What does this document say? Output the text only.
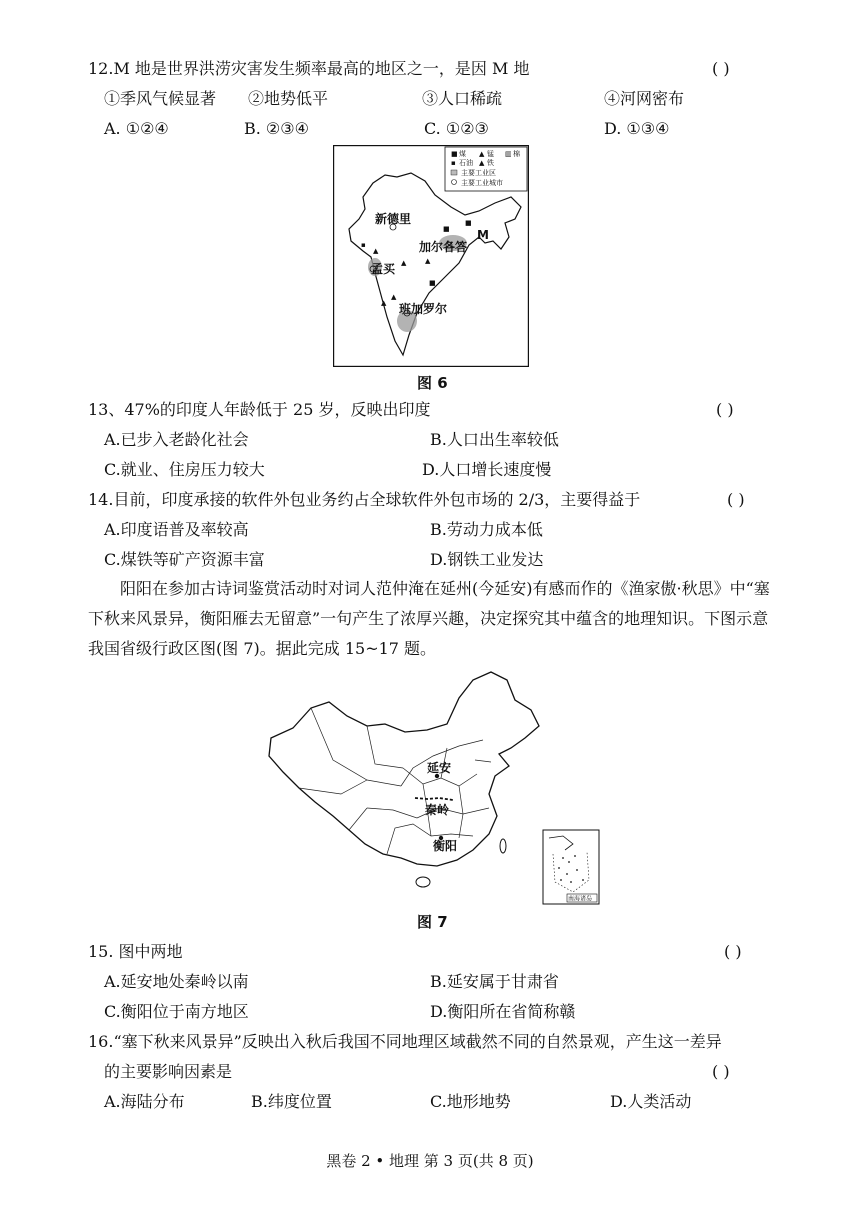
12.M 地是世界洪涝灾害发生频率最高的地区之一，是因 M 地	( )
①季风气候显著 ②地势低平	③人口稀疏	④河网密布
A. ①②④	B. ②③④	C. ①②③	D. ①③④
■ 煤 ▲ 锰 ▥ 棉
▪ 石油 ▲ 铁
主要工业区
主要工业城市
▲
▲	▲
▲
■
■
■
▲
▪
新德里
加尔各答
孟买
班加罗尔
M
图 6
13、47%的印度人年龄低于 25 岁，反映出印度	( )
A.已步入老龄化社会	B.人口出生率较低
C.就业、住房压力较大	D.人口增长速度慢
14.目前，印度承接的软件外包业务约占全球软件外包市场的 2/3，主要得益于	( )
A.印度语普及率较高	B.劳动力成本低
C.煤铁等矿产资源丰富	D.钢铁工业发达
阳阳在参加古诗词鉴赏活动时对词人范仲淹在延州(今延安)有感而作的《渔家傲·秋思》中“塞下秋来风景异，衡阳雁去无留意”一句产生了浓厚兴趣，决定探究其中蕴含的地理知识。下图示意我国省级行政区图(图 7)。据此完成 15~17 题。
延安
秦岭
衡阳
南海诸岛
图 7
15. 图中两地	( )
A.延安地处秦岭以南	B.延安属于甘肃省
C.衡阳位于南方地区	D.衡阳所在省简称赣
16.“塞下秋来风景异”反映出入秋后我国不同地理区域截然不同的自然景观，产生这一差异
的主要影响因素是	( )
A.海陆分布	B.纬度位置	C.地形地势	D.人类活动
黑卷 2 • 地理 第 3 页(共 8 页)
